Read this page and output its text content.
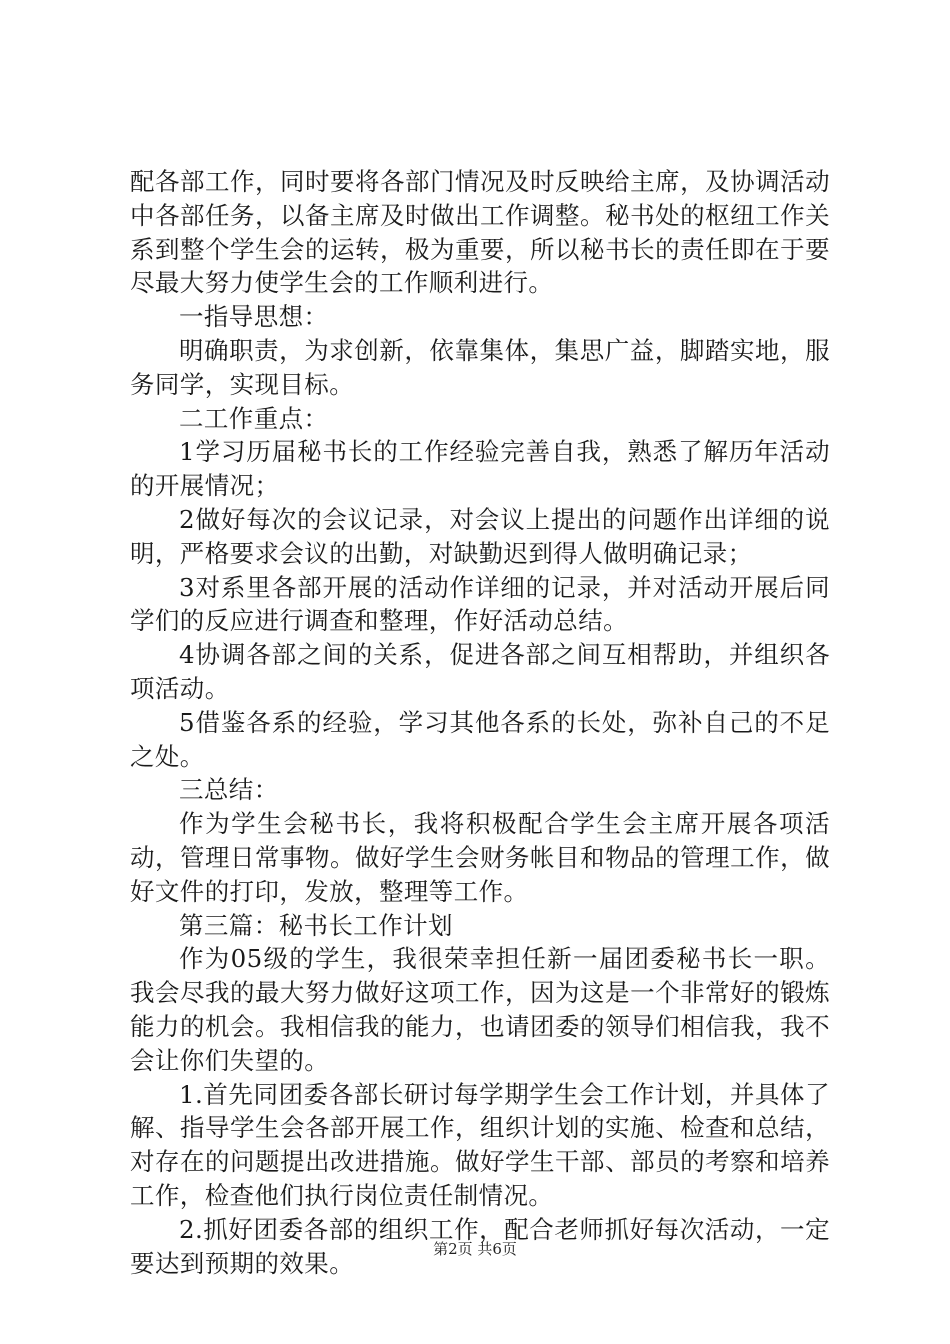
配各部工作，同时要将各部门情况及时反映给主席，及协调活动中各部任务，以备主席及时做出工作调整。秘书处的枢纽工作关系到整个学生会的运转，极为重要，所以秘书长的责任即在于要尽最大努力使学生会的工作顺利进行。

一指导思想：

明确职责，为求创新，依靠集体，集思广益，脚踏实地，服务同学，实现目标。

二工作重点：

1学习历届秘书长的工作经验完善自我，熟悉了解历年活动的开展情况；

2做好每次的会议记录，对会议上提出的问题作出详细的说明，严格要求会议的出勤，对缺勤迟到得人做明确记录；

3对系里各部开展的活动作详细的记录，并对活动开展后同学们的反应进行调查和整理，作好活动总结。

4协调各部之间的关系，促进各部之间互相帮助，并组织各项活动。

5借鉴各系的经验，学习其他各系的长处，弥补自己的不足之处。

三总结：

作为学生会秘书长，我将积极配合学生会主席开展各项活动，管理日常事物。做好学生会财务帐目和物品的管理工作，做好文件的打印，发放，整理等工作。

第三篇：秘书长工作计划

作为05级的学生，我很荣幸担任新一届团委秘书长一职。我会尽我的最大努力做好这项工作，因为这是一个非常好的锻炼能力的机会。我相信我的能力，也请团委的领导们相信我，我不会让你们失望的。

1.首先同团委各部长研讨每学期学生会工作计划，并具体了解、指导学生会各部开展工作，组织计划的实施、检查和总结，对存在的问题提出改进措施。做好学生干部、部员的考察和培养工作，检查他们执行岗位责任制情况。

2.抓好团委各部的组织工作，配合老师抓好每次活动，一定要达到预期的效果。	第2页 共6页
